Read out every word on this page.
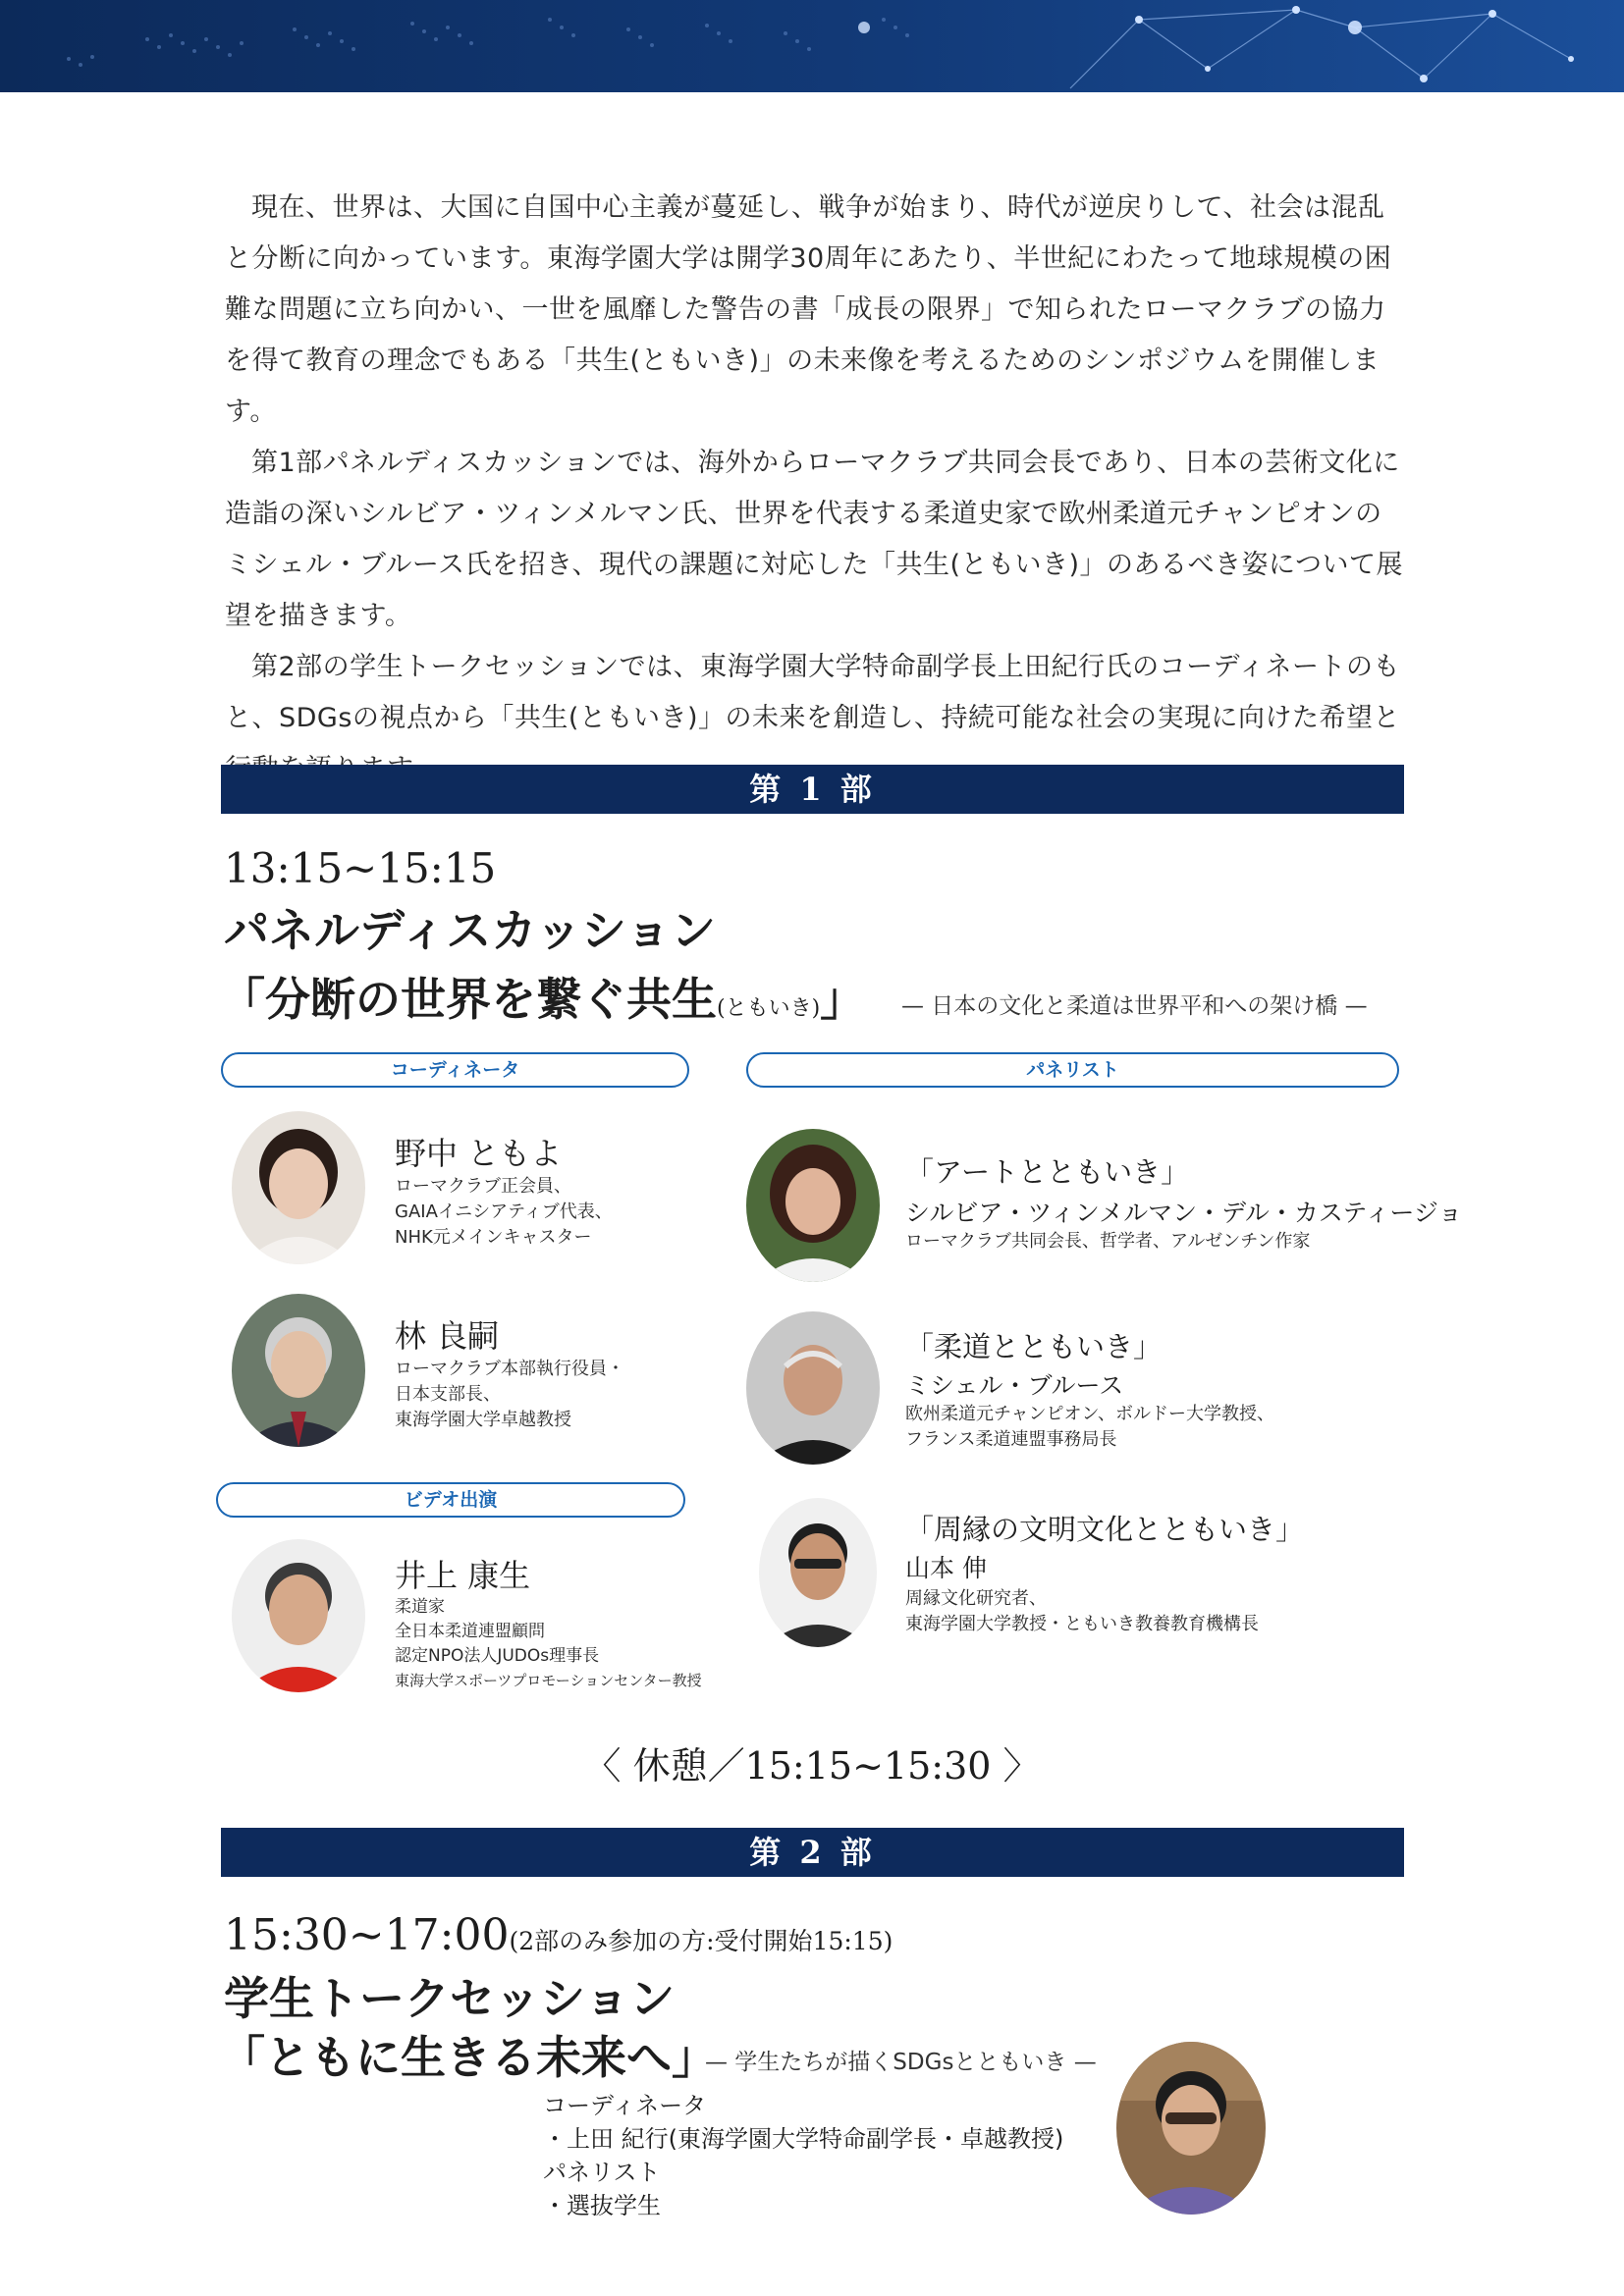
現在、世界は、大国に自国中心主義が蔓延し、戦争が始まり、時代が逆戻りして、社会は混乱と分断に向かっています。東海学園大学は開学30周年にあたり、半世紀にわたって地球規模の困難な問題に立ち向かい、一世を風靡した警告の書「成長の限界」で知られたローマクラブの協力を得て教育の理念でもある「共生(ともいき)」の未来像を考えるためのシンポジウムを開催します。

第1部パネルディスカッションでは、海外からローマクラブ共同会長であり、日本の芸術文化に造詣の深いシルビア・ツィンメルマン氏、世界を代表する柔道史家で欧州柔道元チャンピオンのミシェル・ブルース氏を招き、現代の課題に対応した「共生(ともいき)」のあるべき姿について展望を描きます。

第2部の学生トークセッションでは、東海学園大学特命副学長上田紀行氏のコーディネートのもと、SDGsの視点から「共生(ともいき)」の未来を創造し、持続可能な社会の実現に向けた希望と

第 1 部
13:15~15:15
パネルディスカッション
「分断の世界を繋ぐ共生(ともいき)」 — 日本の文化と柔道は世界平和への架け橋 —
コーディネータ	パネリスト
ビデオ出演
野中 ともよ
ローマクラブ正会員、
GAIAイニシアティブ代表、
NHK元メインキャスター
林 良嗣
ローマクラブ本部執行役員・
日本支部長、
東海学園大学卓越教授
井上 康生
柔道家
全日本柔道連盟顧問
認定NPO法人JUDOs理事長
東海大学スポーツプロモーションセンター教授
「アートとともいき」
シルビア・ツィンメルマン・デル・カスティージョ
ローマクラブ共同会長、哲学者、アルゼンチン作家
「柔道とともいき」
ミシェル・ブルース
欧州柔道元チャンピオン、ボルドー大学教授、
フランス柔道連盟事務局長
「周縁の文明文化とともいき」
山本 伸
周縁文化研究者、
東海学園大学教授・ともいき教養教育機構長
〈 休憩／15:15~15:30 〉
第 2 部
15:30~17:00(2部のみ参加の方:受付開始15:15)
学生トークセッション
「ともに生きる未来へ」
— 学生たちが描くSDGsとともいき —
コーディネータ
・上田 紀行(東海学園大学特命副学長・卓越教授)
パネリスト
・選抜学生
